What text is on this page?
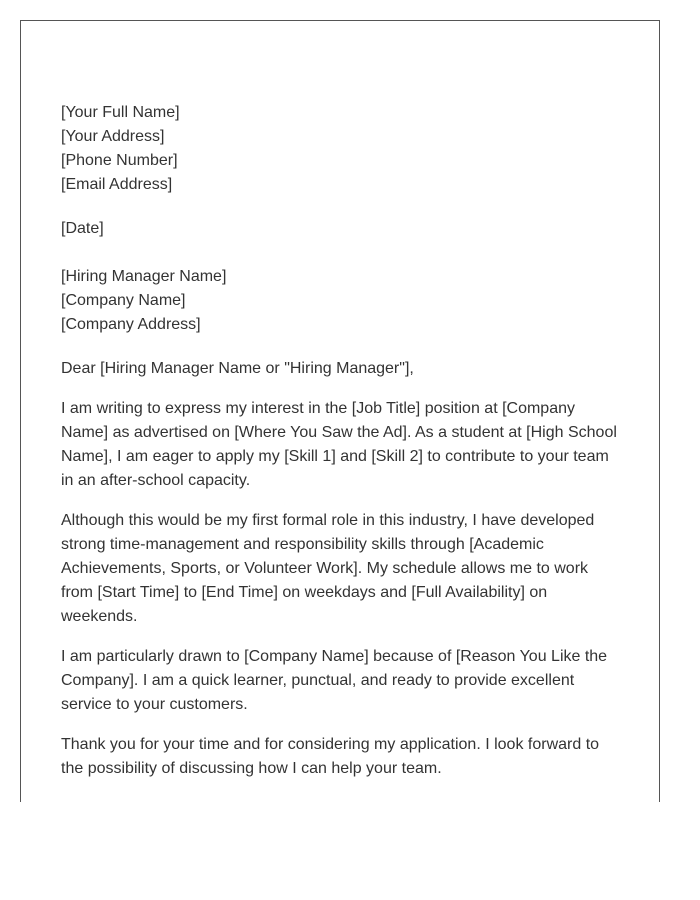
[Your Full Name]
[Your Address]
[Phone Number]
[Email Address]
[Date]
[Hiring Manager Name]
[Company Name]
[Company Address]
Dear [Hiring Manager Name or "Hiring Manager"],
I am writing to express my interest in the [Job Title] position at [Company
Name] as advertised on [Where You Saw the Ad]. As a student at [High School
Name], I am eager to apply my [Skill 1] and [Skill 2] to contribute to your team
in an after-school capacity.
Although this would be my first formal role in this industry, I have developed
strong time-management and responsibility skills through [Academic
Achievements, Sports, or Volunteer Work]. My schedule allows me to work
from [Start Time] to [End Time] on weekdays and [Full Availability] on
weekends.
I am particularly drawn to [Company Name] because of [Reason You Like the
Company]. I am a quick learner, punctual, and ready to provide excellent
service to your customers.
Thank you for your time and for considering my application. I look forward to
the possibility of discussing how I can help your team.
